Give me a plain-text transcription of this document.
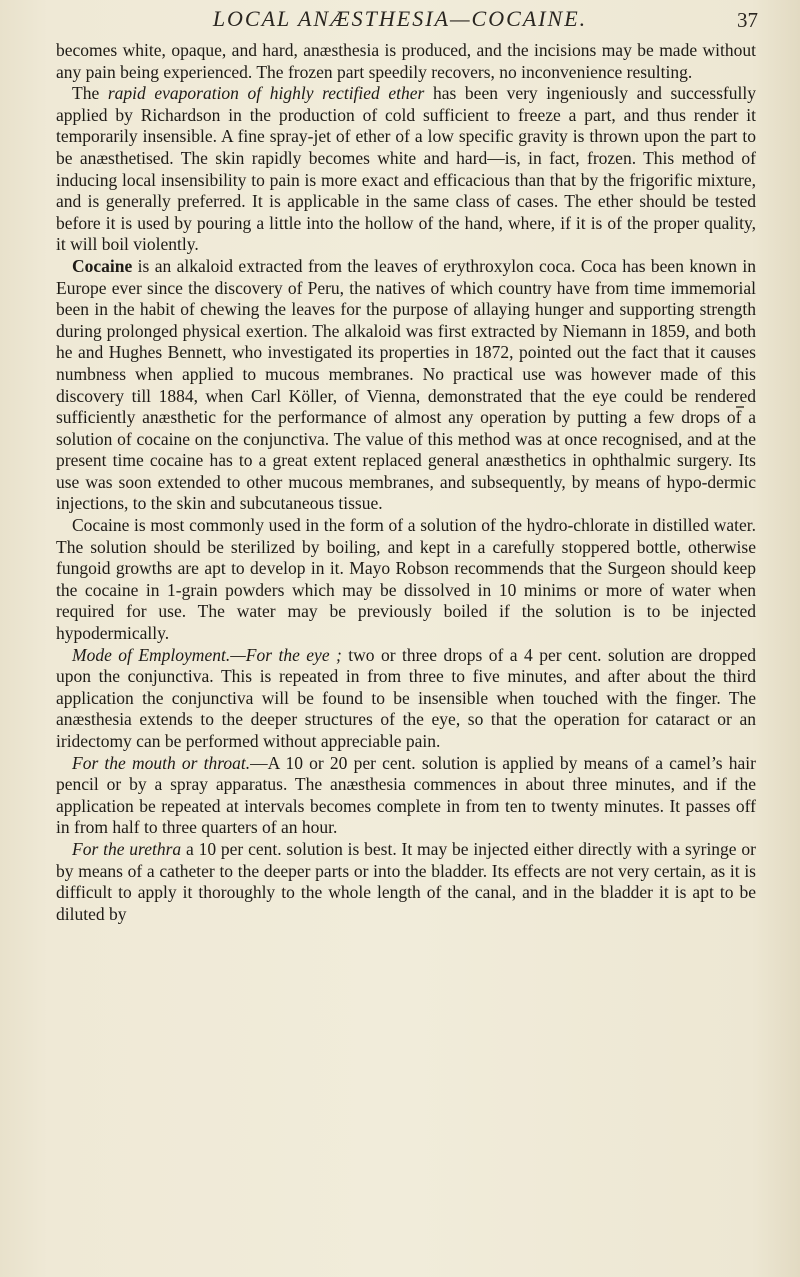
LOCAL ANÆSTHESIA—COCAINE.	37

becomes white, opaque, and hard, anæsthesia is produced, and the incisions may be made without any pain being experienced. The frozen part speedily recovers, no inconvenience resulting.

The rapid evaporation of highly rectified ether has been very ingeniously and successfully applied by Richardson in the production of cold sufficient to freeze a part, and thus render it temporarily insensible. A fine spray-jet of ether of a low specific gravity is thrown upon the part to be anæsthetised. The skin rapidly becomes white and hard—is, in fact, frozen. This method of inducing local insensibility to pain is more exact and efficacious than that by the frigorific mixture, and is generally preferred. It is applicable in the same class of cases. The ether should be tested before it is used by pouring a little into the hollow of the hand, where, if it is of the proper quality, it will boil violently.

Cocaine is an alkaloid extracted from the leaves of erythroxylon coca. Coca has been known in Europe ever since the discovery of Peru, the natives of which country have from time immemorial been in the habit of chewing the leaves for the purpose of allaying hunger and supporting strength during prolonged physical exertion. The alkaloid was first extracted by Niemann in 1859, and both he and Hughes Bennett, who investigated its properties in 1872, pointed out the fact that it causes numbness when applied to mucous membranes. No practical use was however made of this discovery till 1884, when Carl Köller, of Vienna, demonstrated that the eye could be rendered sufficiently anæsthetic for the performance of almost any operation by putting a few drops of a solution of cocaine on the conjunctiva. The value of this method was at once recognised, and at the present time cocaine has to a great extent replaced general anæsthetics in ophthalmic surgery. Its use was soon extended to other mucous membranes, and subsequently, by means of hypo-dermic injections, to the skin and subcutaneous tissue.

Cocaine is most commonly used in the form of a solution of the hydro-chlorate in distilled water. The solution should be sterilized by boiling, and kept in a carefully stoppered bottle, otherwise fungoid growths are apt to develop in it. Mayo Robson recommends that the Surgeon should keep the cocaine in 1-grain powders which may be dissolved in 10 minims or more of water when required for use. The water may be previously boiled if the solution is to be injected hypodermically.

Mode of Employment.—For the eye ; two or three drops of a 4 per cent. solution are dropped upon the conjunctiva. This is repeated in from three to five minutes, and after about the third application the conjunctiva will be found to be insensible when touched with the finger. The anæsthesia extends to the deeper structures of the eye, so that the operation for cataract or an iridectomy can be performed without appreciable pain.

For the mouth or throat.—A 10 or 20 per cent. solution is applied by means of a camel’s hair pencil or by a spray apparatus. The anæsthesia commences in about three minutes, and if the application be repeated at intervals becomes complete in from ten to twenty minutes. It passes off in from half to three quarters of an hour.

For the urethra a 10 per cent. solution is best. It may be injected either directly with a syringe or by means of a catheter to the deeper parts or into the bladder. Its effects are not very certain, as it is difficult to apply it thoroughly to the whole length of the canal, and in the bladder it is apt to be diluted by
